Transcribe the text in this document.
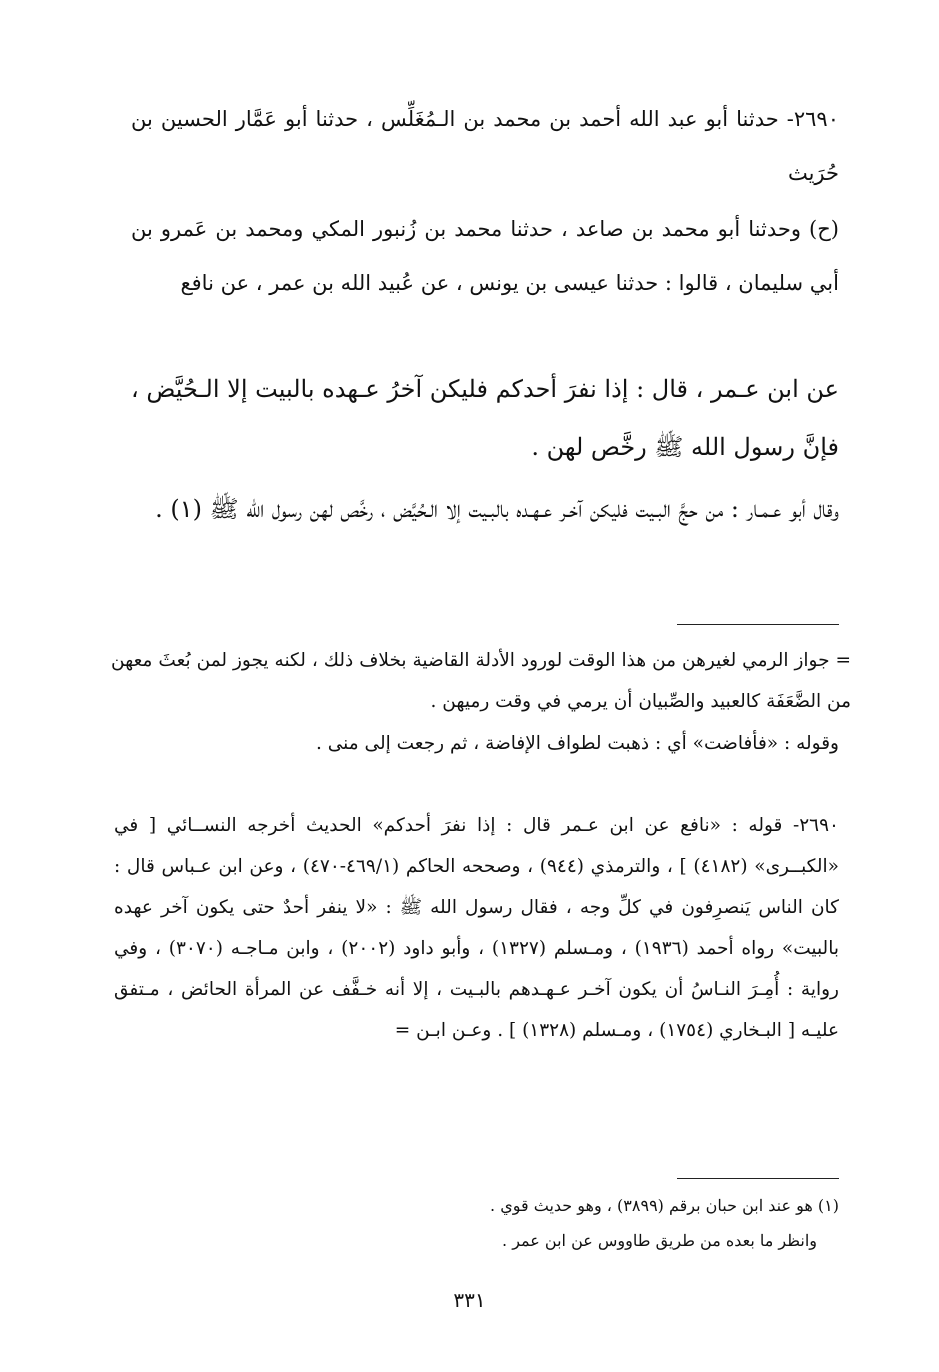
٢٦٩٠- حدثنا أبو عبد الله أحمد بن محمد بن الـمُغَلِّس ، حدثنا أبو عَمَّار الحسين بن حُرَيث

(ح) وحدثنا أبو محمد بن صاعد ، حدثنا محمد بن زُنبور المكي ومحمد بن عَمرو بن أبي سليمان ، قالوا : حدثنا عيسى بن يونس ، عن عُبيد الله بن عمر ، عن نافع

عن ابن عـمر ، قال : إذا نفرَ أحدكم فليكن آخرُ عـهده بالبيت إلا الـحُيَّض ، فإنَّ رسول الله ﷺ رخَّص لهن .

وقال أبو عـمـار : من حجَّ البـيت فليكن آخـر عـهـده بالبـيت إلا الـحُيَّض ، رخَّص لهن رسول الله ﷺ (١) .

= جواز الرمي لغيرهن من هذا الوقت لورود الأدلة القاضية بخلاف ذلك ، لكنه يجوز لمن بُعثَ معهن من الضَّعَفَة كالعبيد والصِّبيان أن يرمي في وقت رميهن .

وقوله : «فأفاضت» أي : ذهبت لطواف الإفاضة ، ثم رجعت إلى منى .

٢٦٩٠- قوله : «نافع عن ابن عـمر قال : إذا نفرَ أحدكم» الحديث أخرجه النســائي [ في «الكبــرى» (٤١٨٢) ] ، والترمذي (٩٤٤) ، وصححه الحاكم (٤٦٩/١-٤٧٠) ، وعن ابن عـباس قال : كان الناس يَنصرِفون في كلِّ وجه ، فقال رسول الله ﷺ : «لا ينفر أحدٌ حتى يكون آخر عهده بالبيت» رواه أحمد (١٩٣٦) ، ومـسلم (١٣٢٧) ، وأبو داود (٢٠٠٢) ، وابن مـاجـه (٣٠٧٠) ، وفي رواية : أُمِـرَ النـاسُ أن يكون آخـر عـهـدهم بالبـيت ، إلا أنه خـفَّف عن المرأة الحائض ، مـتفق عليـه [ البـخاري (١٧٥٤) ، ومـسلم (١٣٢٨) ] . وعـن ابـن =

(١) هو عند ابن حبان برقم (٣٨٩٩) ، وهو حديث قوي .

وانظر ما بعده من طريق طاووس عن ابن عمر .

٣٣١
